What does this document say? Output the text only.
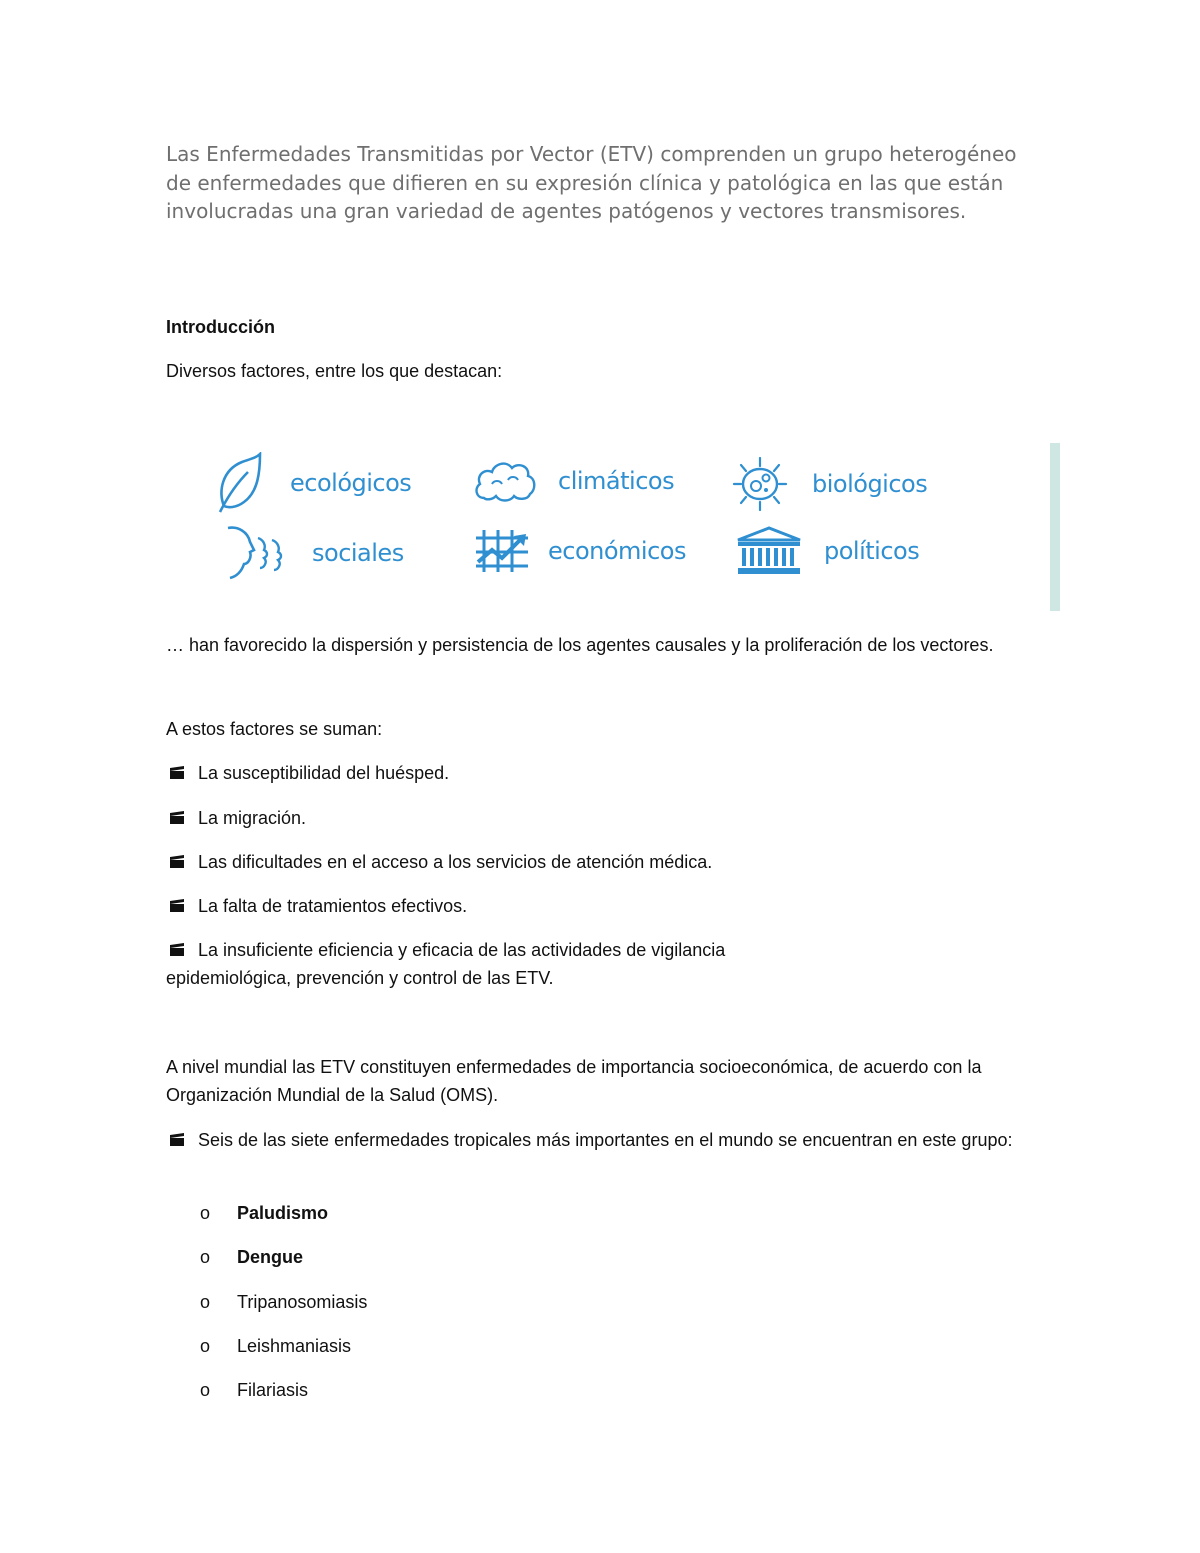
Las Enfermedades Transmitidas por Vector (ETV) comprenden un grupo heterogéneo de enfermedades que difieren en su expresión clínica y patológica en las que están involucradas una gran variedad de agentes patógenos y vectores transmisores.

Introducción

Diversos factores, entre los que destacan:

ecológicos	climáticos	biológicos
sociales	económicos	políticos

… han favorecido la dispersión y persistencia de los agentes causales y la proliferación de los vectores.

A estos factores se suman:

La susceptibilidad del huésped.
La migración.
Las dificultades en el acceso a los servicios de atención médica.
La falta de tratamientos efectivos.
La insuficiente eficiencia y eficacia de las actividades de vigilancia epidemiológica, prevención y control de las ETV.

A nivel mundial las ETV constituyen enfermedades de importancia socioeconómica, de acuerdo con la Organización Mundial de la Salud (OMS).

Seis de las siete enfermedades tropicales más importantes en el mundo se encuentran en este grupo:
o Paludismo
o Dengue
o Tripanosomiasis
o Leishmaniasis
o Filariasis
